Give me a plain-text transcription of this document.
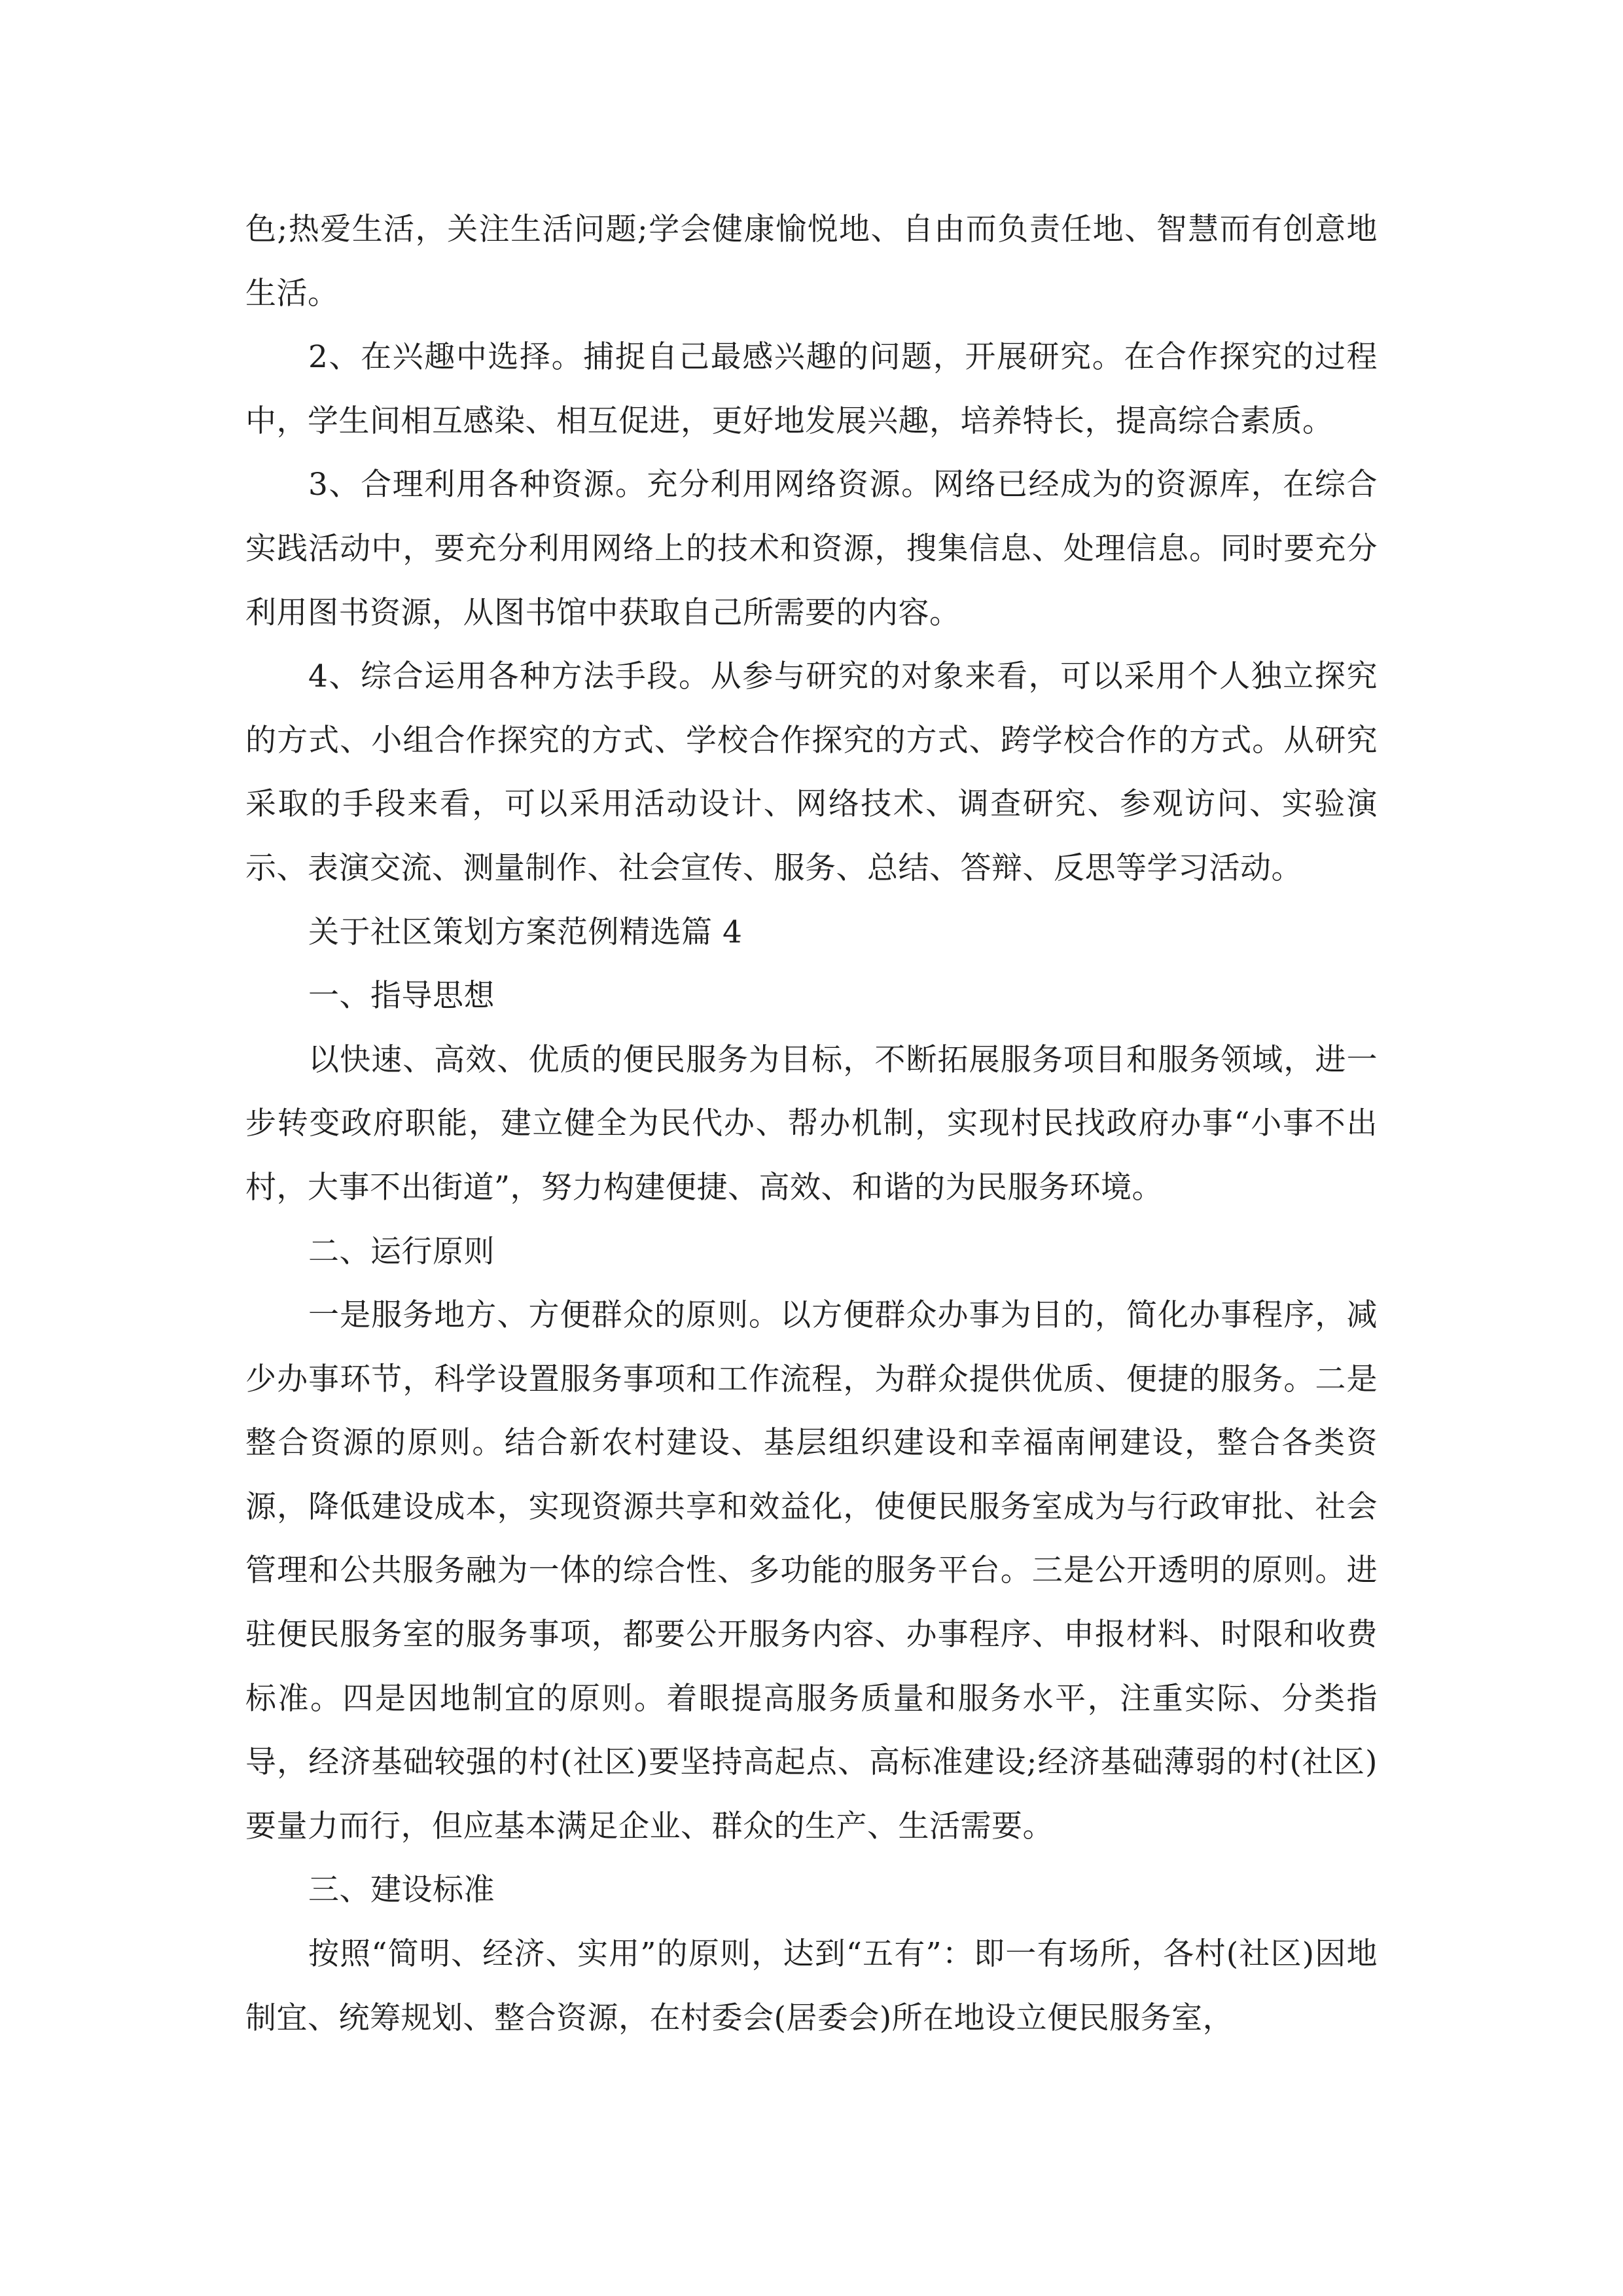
色;热爱生活，关注生活问题;学会健康愉悦地、自由而负责任地、智慧而有创意地生活。

2、在兴趣中选择。捕捉自己最感兴趣的问题，开展研究。在合作探究的过程中，学生间相互感染、相互促进，更好地发展兴趣，培养特长，提高综合素质。

3、合理利用各种资源。充分利用网络资源。网络已经成为的资源库，在综合实践活动中，要充分利用网络上的技术和资源，搜集信息、处理信息。同时要充分利用图书资源，从图书馆中获取自己所需要的内容。

4、综合运用各种方法手段。从参与研究的对象来看，可以采用个人独立探究的方式、小组合作探究的方式、学校合作探究的方式、跨学校合作的方式。从研究采取的手段来看，可以采用活动设计、网络技术、调查研究、参观访问、实验演示、表演交流、测量制作、社会宣传、服务、总结、答辩、反思等学习活动。

关于社区策划方案范例精选篇 4

一、指导思想

以快速、高效、优质的便民服务为目标，不断拓展服务项目和服务领域，进一步转变政府职能，建立健全为民代办、帮办机制，实现村民找政府办事“小事不出村，大事不出街道”，努力构建便捷、高效、和谐的为民服务环境。

二、运行原则

一是服务地方、方便群众的原则。以方便群众办事为目的，简化办事程序，减少办事环节，科学设置服务事项和工作流程，为群众提供优质、便捷的服务。二是整合资源的原则。结合新农村建设、基层组织建设和幸福南闸建设，整合各类资源，降低建设成本，实现资源共享和效益化，使便民服务室成为与行政审批、社会管理和公共服务融为一体的综合性、多功能的服务平台。三是公开透明的原则。进驻便民服务室的服务事项，都要公开服务内容、办事程序、申报材料、时限和收费标准。四是因地制宜的原则。着眼提高服务质量和服务水平，注重实际、分类指导，经济基础较强的村(社区)要坚持高起点、高标准建设;经济基础薄弱的村(社区)要量力而行，但应基本满足企业、群众的生产、生活需要。

三、建设标准

按照“简明、经济、实用”的原则，达到“五有”：即一有场所，各村(社区)因地制宜、统筹规划、整合资源，在村委会(居委会)所在地设立便民服务室，
